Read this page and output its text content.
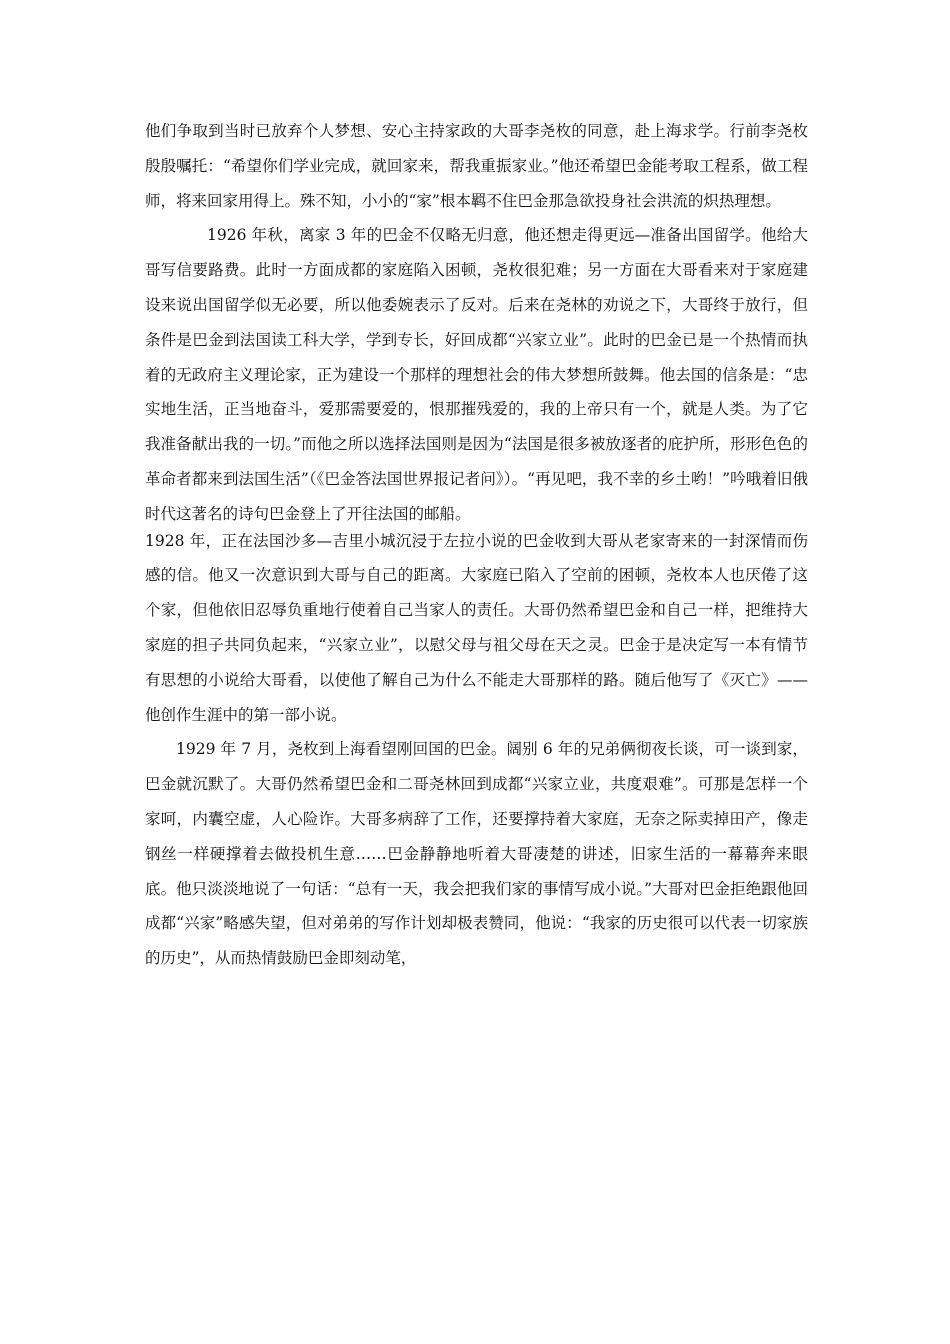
他们争取到当时已放弃个人梦想、安心主持家政的大哥李尧枚的同意，赴上海求学。行前李尧枚殷殷嘱托：“希望你们学业完成，就回家来，帮我重振家业。”他还希望巴金能考取工程系，做工程师，将来回家用得上。殊不知，小小的“家”根本羁不住巴金那急欲投身社会洪流的炽热理想。

1926 年秋，离家 3 年的巴金不仅略无归意，他还想走得更远—准备出国留学。他给大哥写信要路费。此时一方面成都的家庭陷入困顿，尧枚很犯难；另一方面在大哥看来对于家庭建设来说出国留学似无必要，所以他委婉表示了反对。后来在尧林的劝说之下，大哥终于放行，但条件是巴金到法国读工科大学，学到专长，好回成都“兴家立业”。此时的巴金已是一个热情而执着的无政府主义理论家，正为建设一个那样的理想社会的伟大梦想所鼓舞。他去国的信条是：“忠实地生活，正当地奋斗，爱那需要爱的，恨那摧残爱的，我的上帝只有一个，就是人类。为了它我准备献出我的一切。”而他之所以选择法国则是因为“法国是很多被放逐者的庇护所，形形色色的革命者都来到法国生活”（《巴金答法国世界报记者问》）。“再见吧，我不幸的乡土哟！”吟哦着旧俄时代这著名的诗句巴金登上了开往法国的邮船。

1928 年，正在法国沙多—吉里小城沉浸于左拉小说的巴金收到大哥从老家寄来的一封深情而伤感的信。他又一次意识到大哥与自己的距离。大家庭已陷入了空前的困顿，尧枚本人也厌倦了这个家，但他依旧忍辱负重地行使着自己当家人的责任。大哥仍然希望巴金和自己一样，把维持大家庭的担子共同负起来，“兴家立业”，以慰父母与祖父母在天之灵。巴金于是决定写一本有情节有思想的小说给大哥看，以使他了解自己为什么不能走大哥那样的路。随后他写了《灭亡》——他创作生涯中的第一部小说。

1929 年 7 月，尧枚到上海看望刚回国的巴金。阔别 6 年的兄弟俩彻夜长谈，可一谈到家，巴金就沉默了。大哥仍然希望巴金和二哥尧林回到成都“兴家立业，共度艰难”。可那是怎样一个家呵，内囊空虚，人心险诈。大哥多病辞了工作，还要撑持着大家庭，无奈之际卖掉田产，像走钢丝一样硬撑着去做投机生意……巴金静静地听着大哥凄楚的讲述，旧家生活的一幕幕奔来眼底。他只淡淡地说了一句话：“总有一天，我会把我们家的事情写成小说。”大哥对巴金拒绝跟他回成都“兴家”略感失望，但对弟弟的写作计划却极表赞同，他说：“我家的历史很可以代表一切家族的历史”，从而热情鼓励巴金即刻动笔，
